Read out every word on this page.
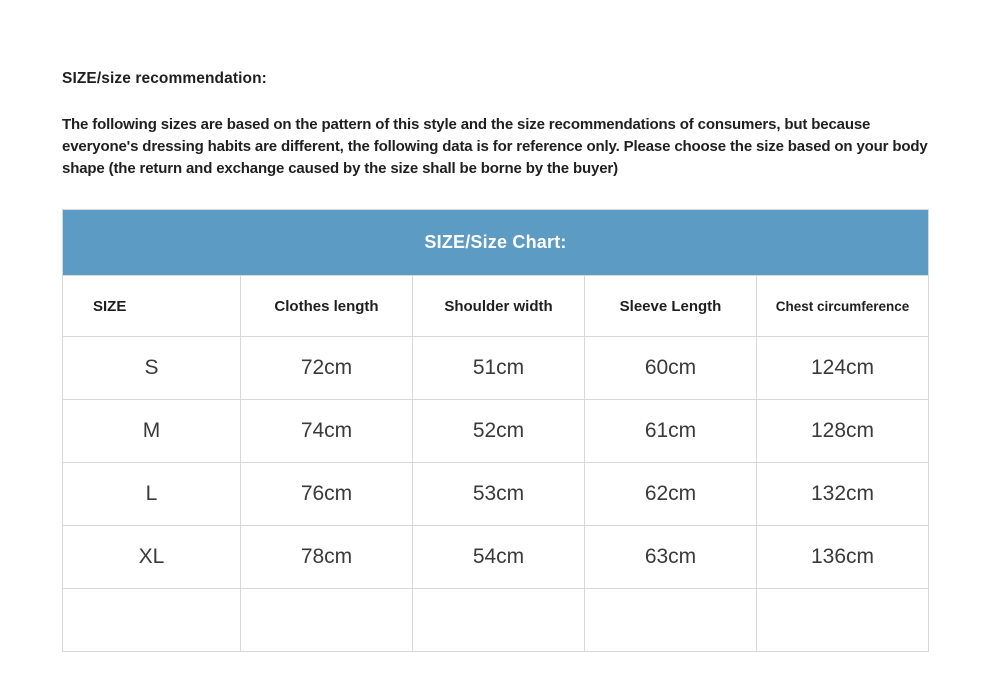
SIZE/size recommendation:

The following sizes are based on the pattern of this style and the size recommendations of consumers, but because everyone's dressing habits are different, the following data is for reference only. Please choose the size based on your body shape (the return and exchange caused by the size shall be borne by the buyer)

SIZE/Size Chart:				
SIZE	Clothes length	Shoulder width	Sleeve Length	Chest circumference
S	72cm	51cm	60cm	124cm
M	74cm	52cm	61cm	128cm
L	76cm	53cm	62cm	132cm
XL	78cm	54cm	63cm	136cm
